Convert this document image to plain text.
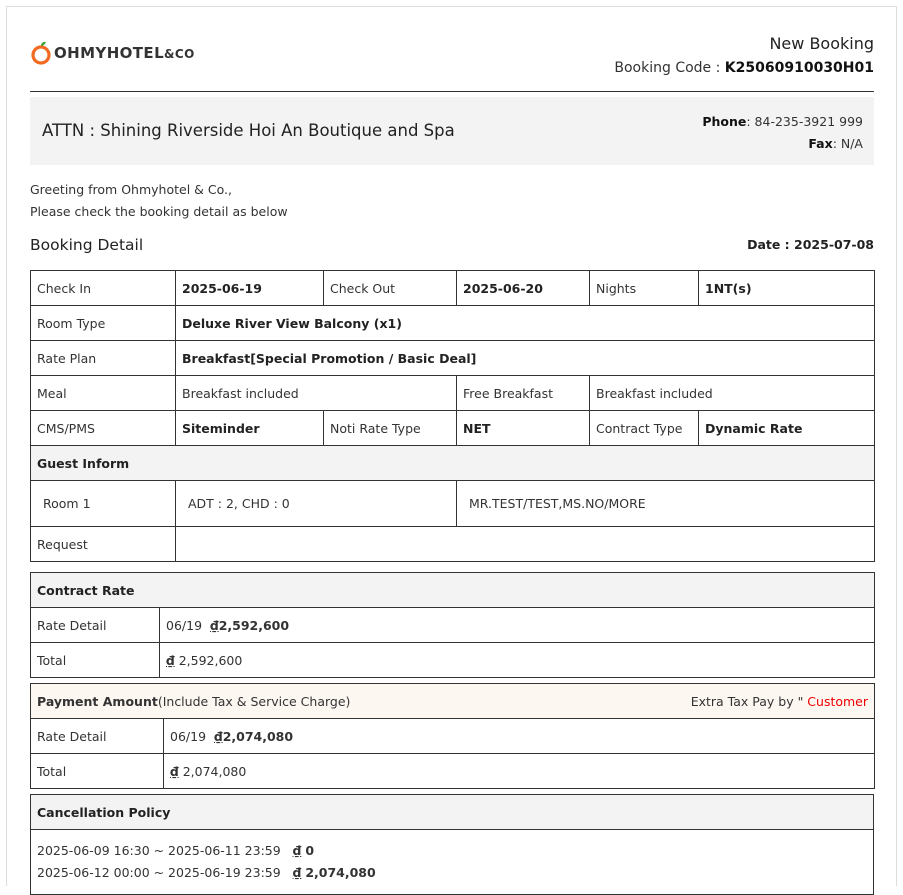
OHMYHOTEL&CO
New Booking
Booking Code : K25060910030H01
ATTN : Shining Riverside Hoi An Boutique and Spa	Phone: 84-235-3921 999
Fax: N/A
Greeting from Ohmyhotel & Co.,
Please check the booking detail as below
Booking Detail	Date : 2025-07-08
Check In	2025-06-19	Check Out	2025-06-20	Nights	1NT(s)
Room Type	Deluxe River View Balcony (x1)				
Rate Plan	Breakfast[Special Promotion / Basic Deal]				
Meal	Breakfast included		Free Breakfast	Breakfast included	
CMS/PMS	Siteminder	Noti Rate Type	NET	Contract Type	Dynamic Rate
Guest Inform					
Room 1	ADT : 2, CHD : 0		MR.TEST/TEST,MS.NO/MORE		
Request					
Contract Rate	
Rate Detail	06/19 ₫2,592,600
Total	₫ 2,592,600
Payment Amount(Include Tax & Service Charge) Extra Tax Pay by " Customer	

Rate Detail	06/19 ₫2,074,080
Total	₫ 2,074,080
Cancellation Policy

2025-06-09 16:30 ~ 2025-06-11 23:59 ₫ 0
2025-06-12 00:00 ~ 2025-06-19 23:59 ₫ 2,074,080
